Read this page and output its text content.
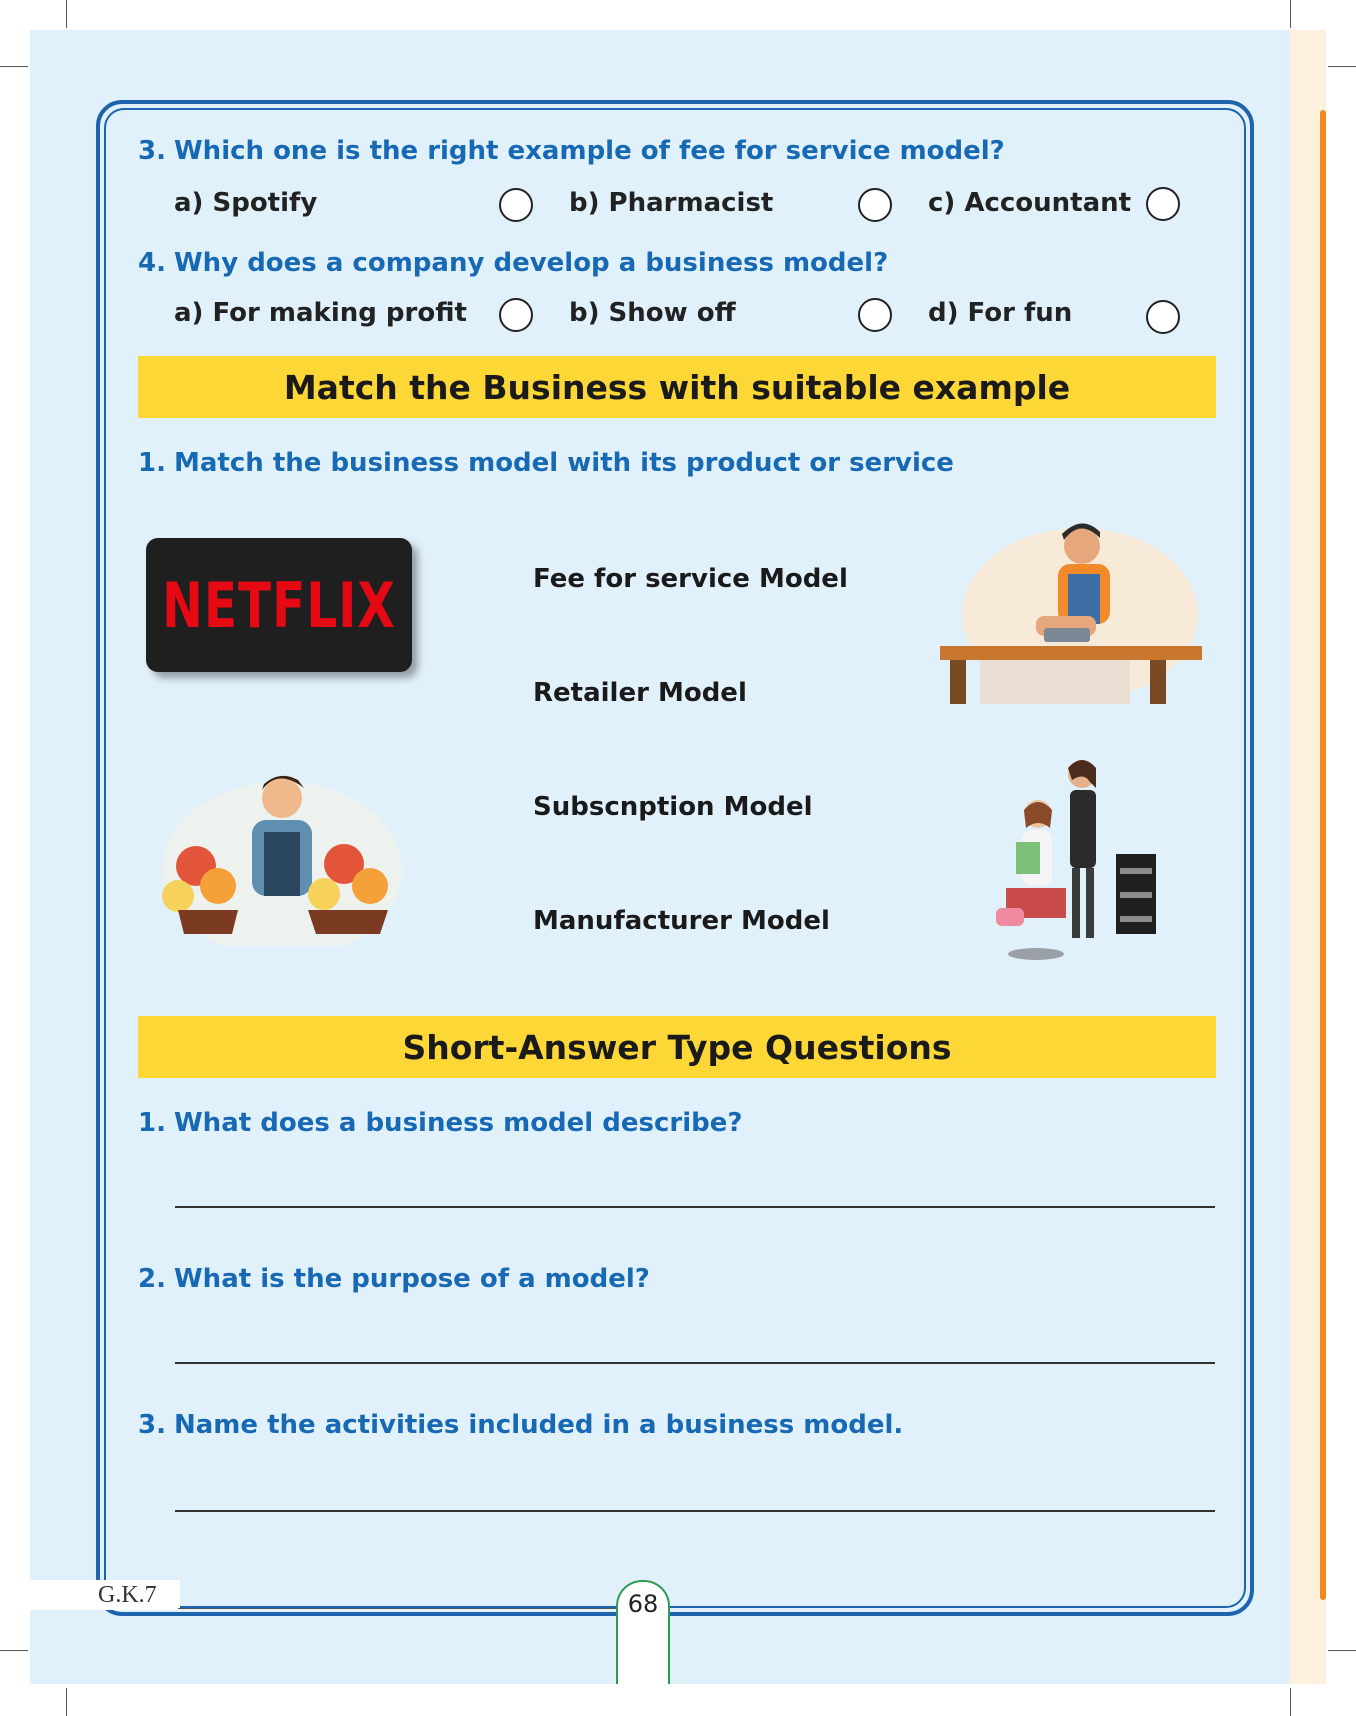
3. Which one is the right example of fee for service model?
a) Spotify	b) Pharmacist	c) Accountant
4. Why does a company develop a business model?
a) For making profit	b) Show off	d) For fun
Match the Business with suitable example
1. Match the business model with its product or service
NETFLIX	Fee for service Model
Retailer Model
Subscnption Model
Manufacturer Model
Short-Answer Type Questions
1. What does a business model describe?
2. What is the purpose of a model?
3. Name the activities included in a business model.
G.K.7	68
